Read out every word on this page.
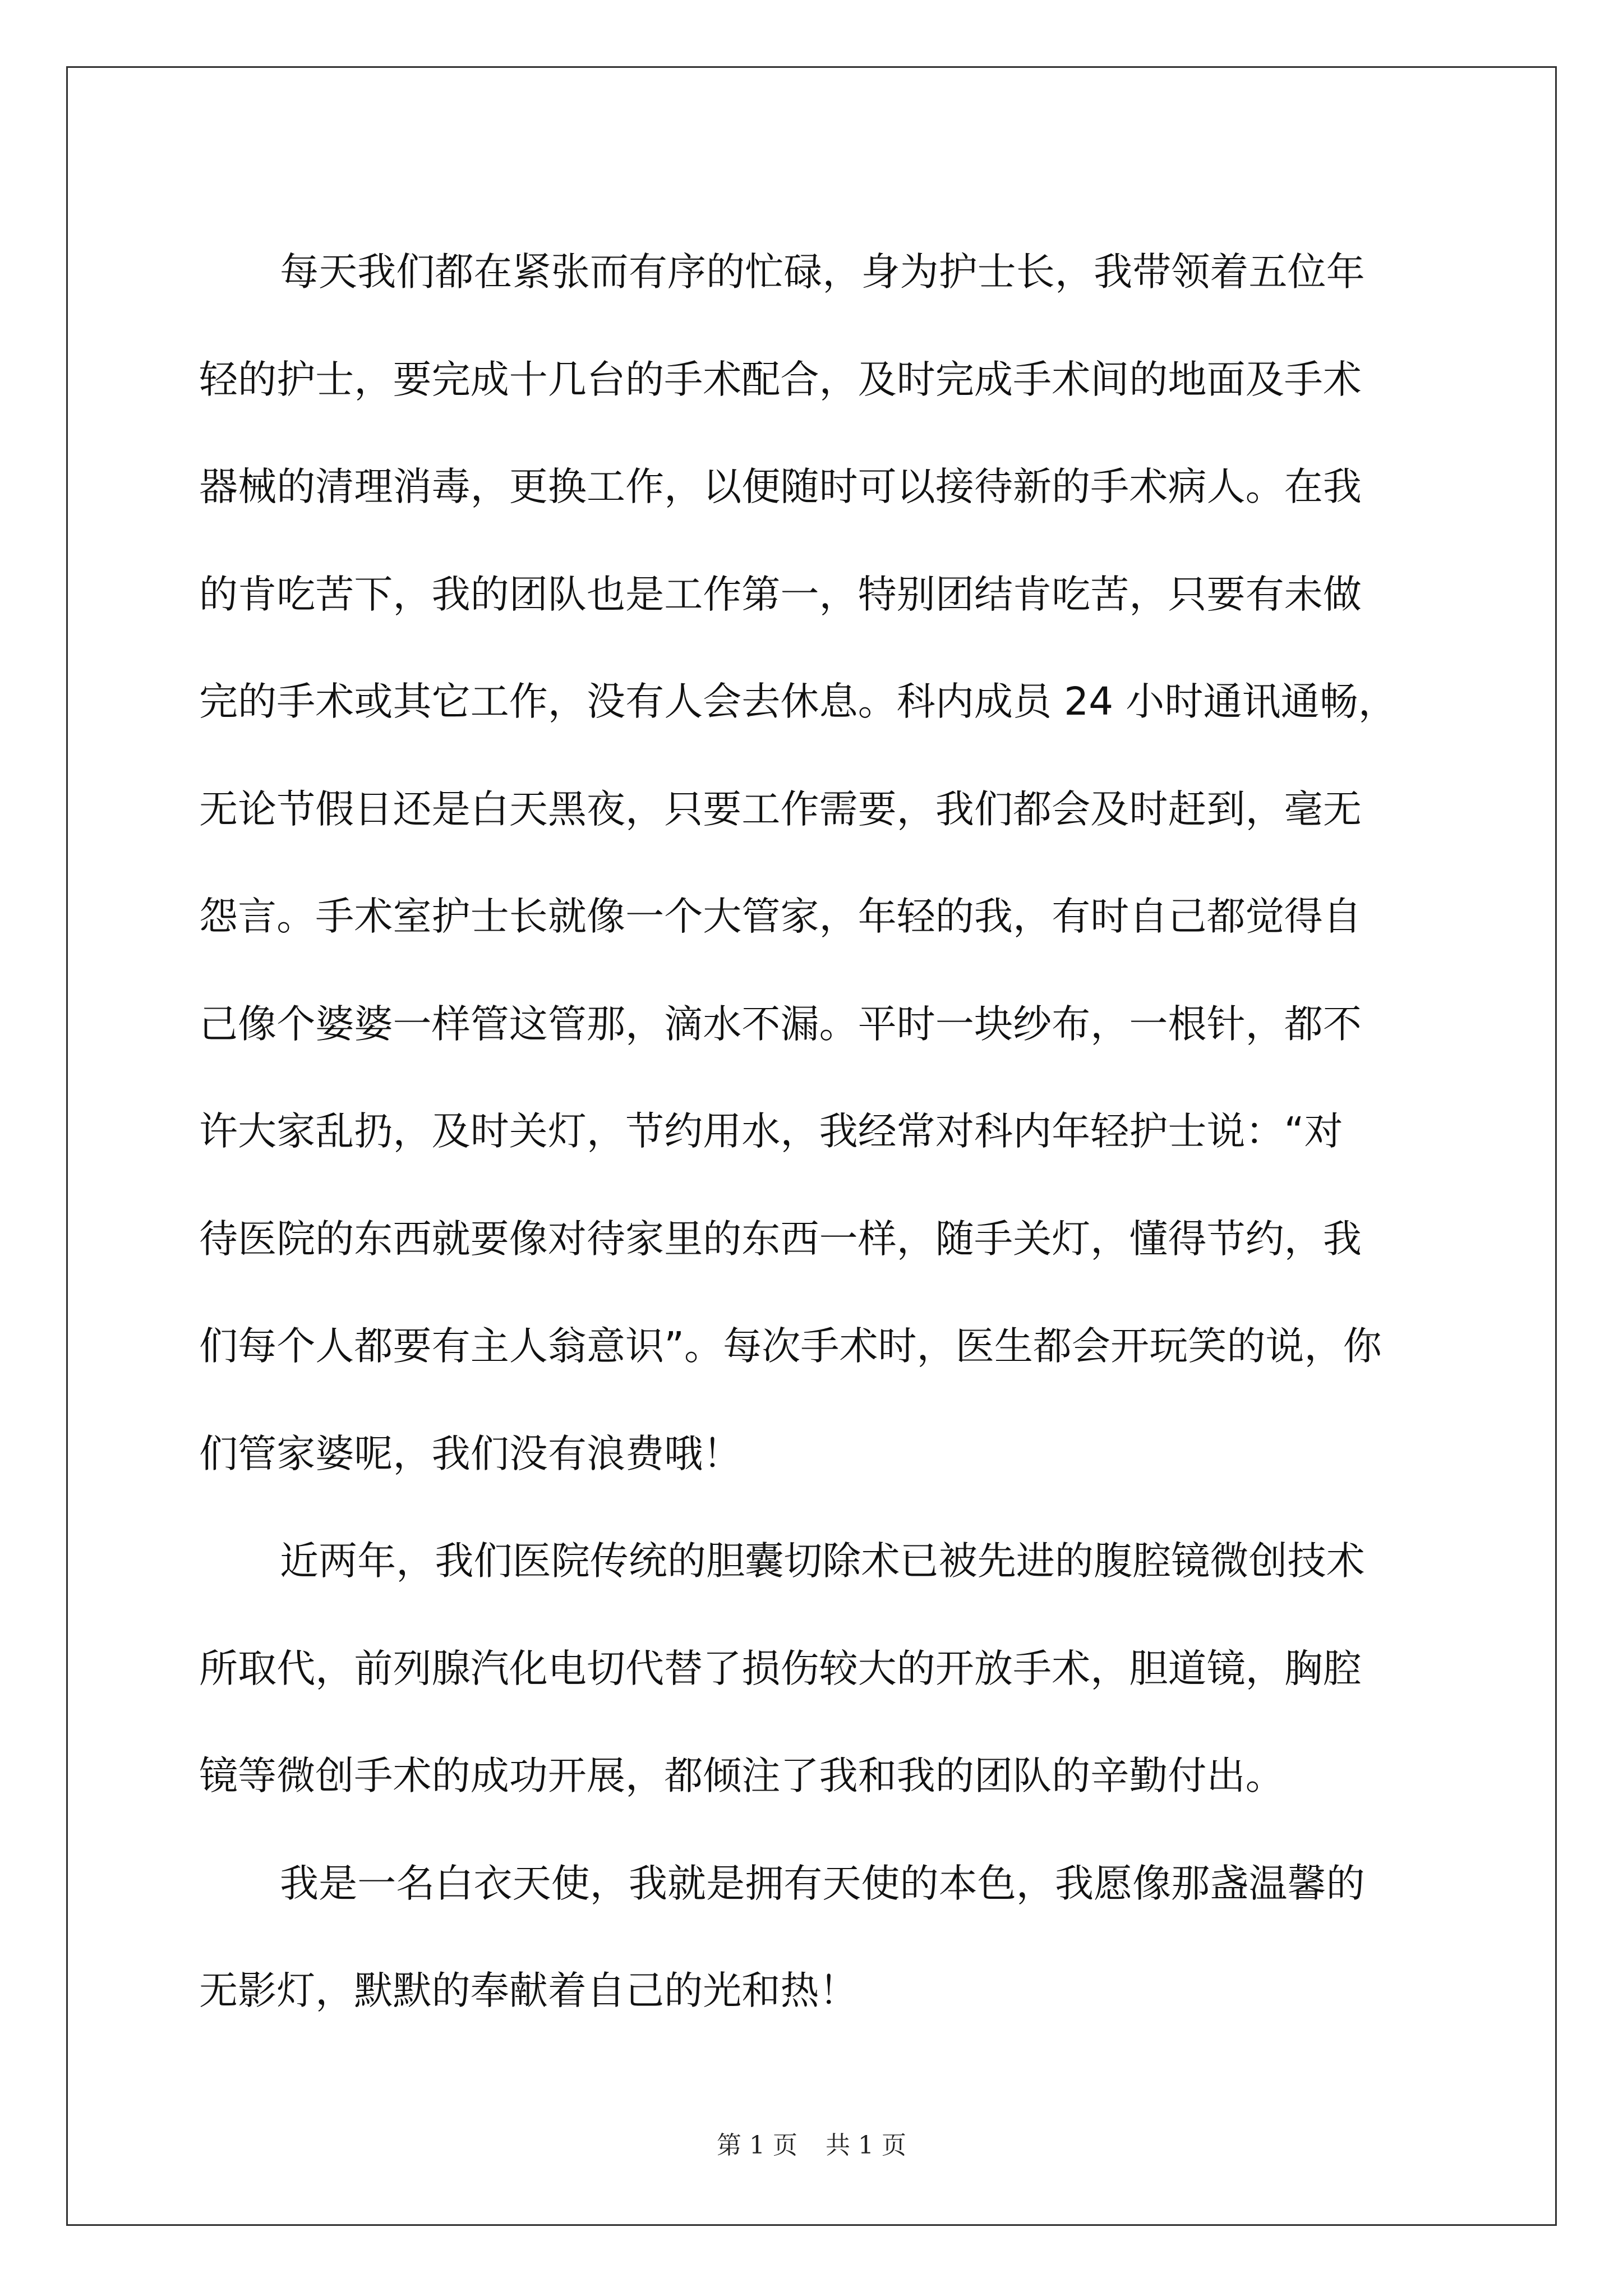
每天我们都在紧张而有序的忙碌，身为护士长，我带领着五位年
轻的护士，要完成十几台的手术配合，及时完成手术间的地面及手术
器械的清理消毒，更换工作，以便随时可以接待新的手术病人。在我
的肯吃苦下，我的团队也是工作第一，特别团结肯吃苦，只要有未做
完的手术或其它工作，没有人会去休息。科内成员 24 小时通讯通畅，
无论节假日还是白天黑夜，只要工作需要，我们都会及时赶到，毫无
怨言。手术室护士长就像一个大管家，年轻的我，有时自己都觉得自
己像个婆婆一样管这管那，滴水不漏。平时一块纱布，一根针，都不
许大家乱扔，及时关灯，节约用水，我经常对科内年轻护士说：“对
待医院的东西就要像对待家里的东西一样，随手关灯，懂得节约，我
们每个人都要有主人翁意识”。每次手术时，医生都会开玩笑的说，你
们管家婆呢，我们没有浪费哦！

近两年，我们医院传统的胆囊切除术已被先进的腹腔镜微创技术
所取代，前列腺汽化电切代替了损伤较大的开放手术，胆道镜，胸腔
镜等微创手术的成功开展，都倾注了我和我的团队的辛勤付出。

我是一名白衣天使，我就是拥有天使的本色，我愿像那盏温馨的
无影灯，默默的奉献着自己的光和热！

第 1 页 共 1 页
